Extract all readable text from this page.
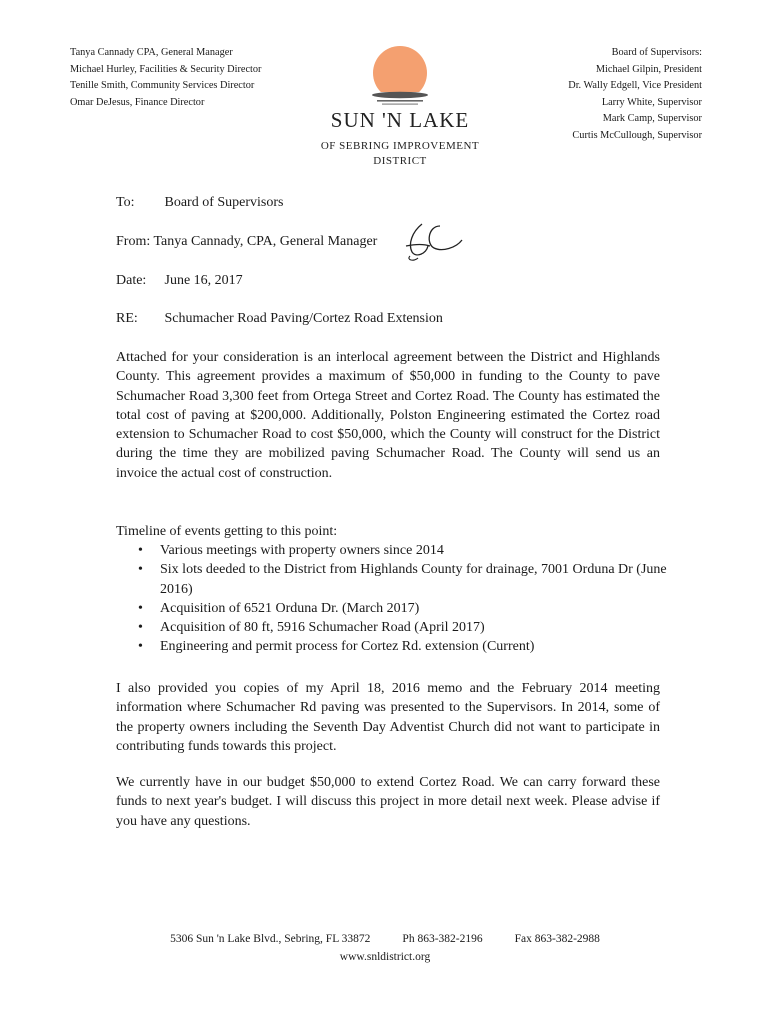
Tanya Cannady CPA, General Manager
Michael Hurley, Facilities & Security Director
Tenille Smith, Community Services Director
Omar DeJesus, Finance Director
SUN 'N LAKE
OF SEBRING IMPROVEMENT
DISTRICT
Board of Supervisors:
Michael Gilpin, President
Dr. Wally Edgell, Vice President
Larry White, Supervisor
Mark Camp, Supervisor
Curtis McCullough, Supervisor
To: Board of Supervisors
From: Tanya Cannady, CPA, General Manager
Date: June 16, 2017
RE: Schumacher Road Paving/Cortez Road Extension

Attached for your consideration is an interlocal agreement between the District and Highlands County. This agreement provides a maximum of $50,000 in funding to the County to pave Schumacher Road 3,300 feet from Ortega Street and Cortez Road. The County has estimated the total cost of paving at $200,000. Additionally, Polston Engineering estimated the Cortez road extension to Schumacher Road to cost $50,000, which the County will construct for the District during the time they are mobilized paving Schumacher Road. The County will send us an invoice the actual cost of construction.

Timeline of events getting to this point:

• Various meetings with property owners since 2014
• Six lots deeded to the District from Highlands County for drainage, 7001 Orduna Dr (June 2016)
• Acquisition of 6521 Orduna Dr. (March 2017)
• Acquisition of 80 ft, 5916 Schumacher Road (April 2017)
• Engineering and permit process for Cortez Rd. extension (Current)

I also provided you copies of my April 18, 2016 memo and the February 2014 meeting information where Schumacher Rd paving was presented to the Supervisors. In 2014, some of the property owners including the Seventh Day Adventist Church did not want to participate in contributing funds towards this project.

We currently have in our budget $50,000 to extend Cortez Road. We can carry forward these funds to next year's budget. I will discuss this project in more detail next week. Please advise if you have any questions.

5306 Sun 'n Lake Blvd., Sebring, FL 33872	Ph 863-382-2196	Fax 863-382-2988
www.snldistrict.org
